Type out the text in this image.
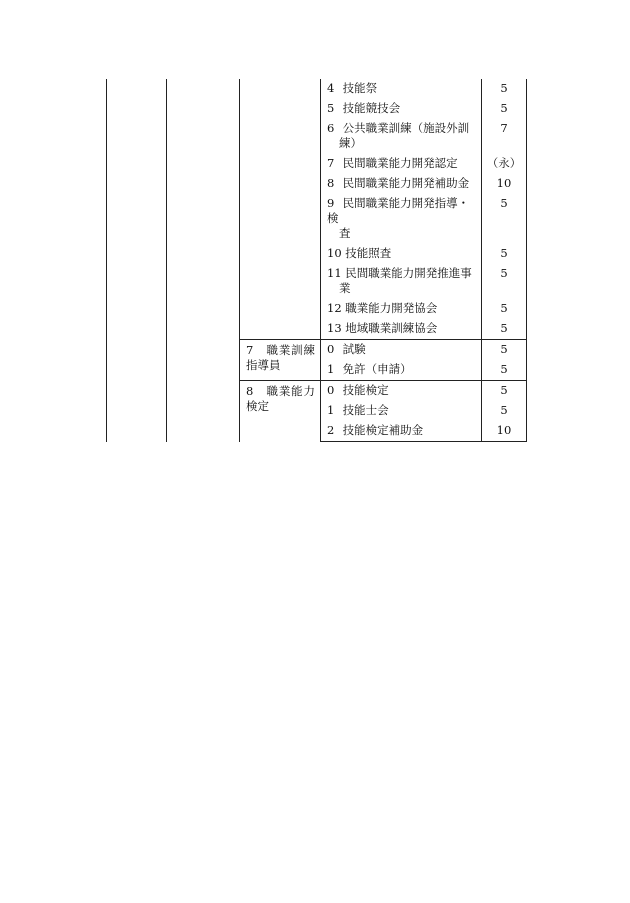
			4 技能祭	5

			5 技能競技会	5

			6 公共職業訓練（施設外訓
練）	7

			7 民間職業能力開発認定	（永）

			8 民間職業能力開発補助金	10

			9 民間職業能力開発指導・検
査	5

			10 技能照査	5

			11 民間職業能力開発推進事
業	5

			12 職業能力開発協会	5

			13 地域職業訓練協会	5

		7　職業訓練指導員	0 試験	5

			1 免許（申請）	5

		8　職業能力検定	0 技能検定	5

			1 技能士会	5

			2 技能検定補助金	10
